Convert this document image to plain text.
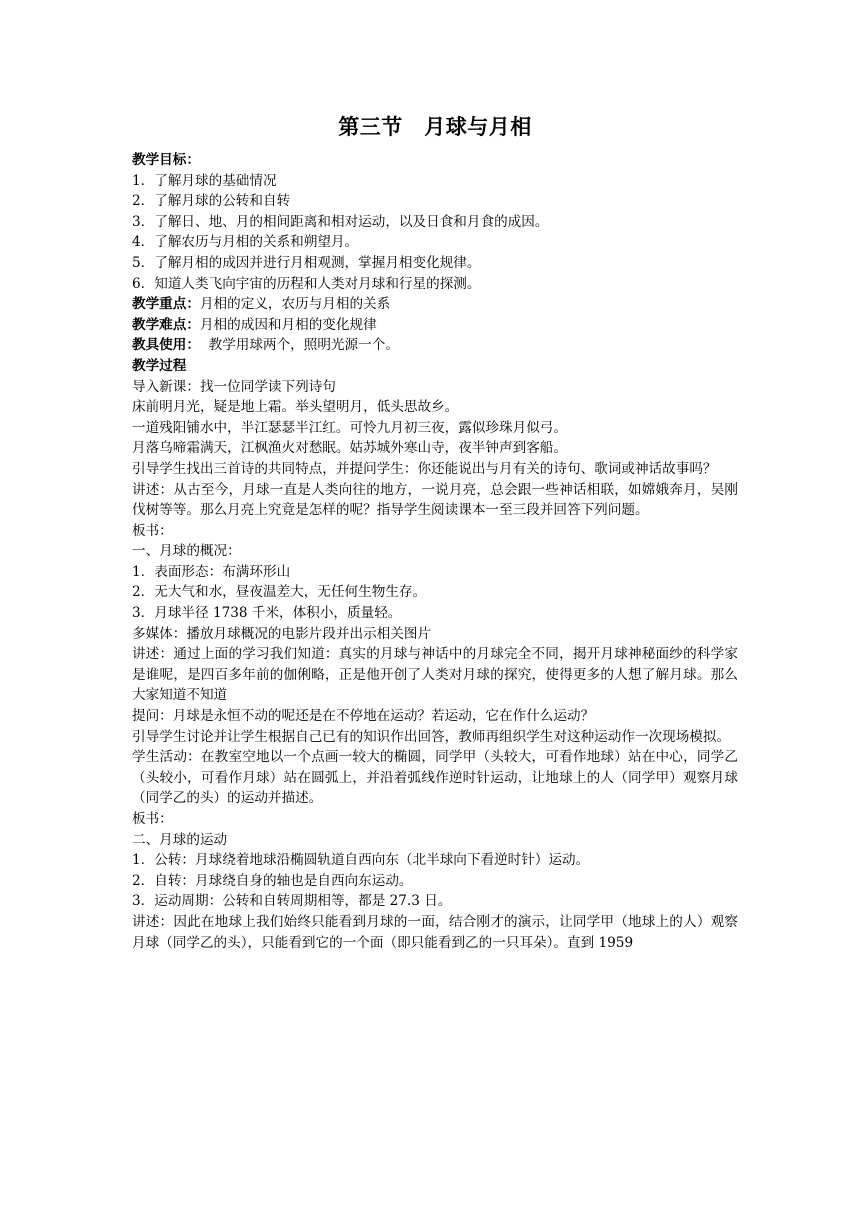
第三节　月球与月相

教学目标：

1．了解月球的基础情况

2．了解月球的公转和自转

3．了解日、地、月的相间距离和相对运动，以及日食和月食的成因。

4．了解农历与月相的关系和朔望月。

5．了解月相的成因并进行月相观测，掌握月相变化规律。

6．知道人类飞向宇宙的历程和人类对月球和行星的探测。

教学重点：月相的定义，农历与月相的关系

教学难点：月相的成因和月相的变化规律

教具使用：  教学用球两个，照明光源一个。

教学过程

导入新课：找一位同学读下列诗句

床前明月光，疑是地上霜。举头望明月，低头思故乡。

一道残阳铺水中，半江瑟瑟半江红。可怜九月初三夜，露似珍珠月似弓。

月落乌啼霜满天，江枫渔火对愁眠。姑苏城外寒山寺，夜半钟声到客船。

引导学生找出三首诗的共同特点，并提问学生：你还能说出与月有关的诗句、歌词或神话故事吗？

讲述：从古至今，月球一直是人类向往的地方，一说月亮，总会跟一些神话相联，如嫦娥奔月，吴刚伐树等等。那么月亮上究竟是怎样的呢？指导学生阅读课本一至三段并回答下列问题。

板书：

一、月球的概况：

1．表面形态：布满环形山

2．无大气和水，昼夜温差大，无任何生物生存。

3．月球半径 1738 千米，体积小，质量轻。

多媒体：播放月球概况的电影片段并出示相关图片

讲述：通过上面的学习我们知道：真实的月球与神话中的月球完全不同，揭开月球神秘面纱的科学家是谁呢，是四百多年前的伽俐略，正是他开创了人类对月球的探究，使得更多的人想了解月球。那么大家知道不知道

提问：月球是永恒不动的呢还是在不停地在运动？若运动，它在作什么运动？

引导学生讨论并让学生根据自己已有的知识作出回答，教师再组织学生对这种运动作一次现场模拟。

学生活动：在教室空地以一个点画一较大的椭圆，同学甲（头较大，可看作地球）站在中心，同学乙（头较小，可看作月球）站在圆弧上，并沿着弧线作逆时针运动，让地球上的人（同学甲）观察月球（同学乙的头）的运动并描述。

板书：

二、月球的运动

1．公转：月球绕着地球沿椭圆轨道自西向东（北半球向下看逆时针）运动。

2．自转：月球绕自身的轴也是自西向东运动。

3．运动周期：公转和自转周期相等，都是 27.3 日。

讲述：因此在地球上我们始终只能看到月球的一面，结合刚才的演示，让同学甲（地球上的人）观察月球（同学乙的头），只能看到它的一个面（即只能看到乙的一只耳朵）。直到 1959
